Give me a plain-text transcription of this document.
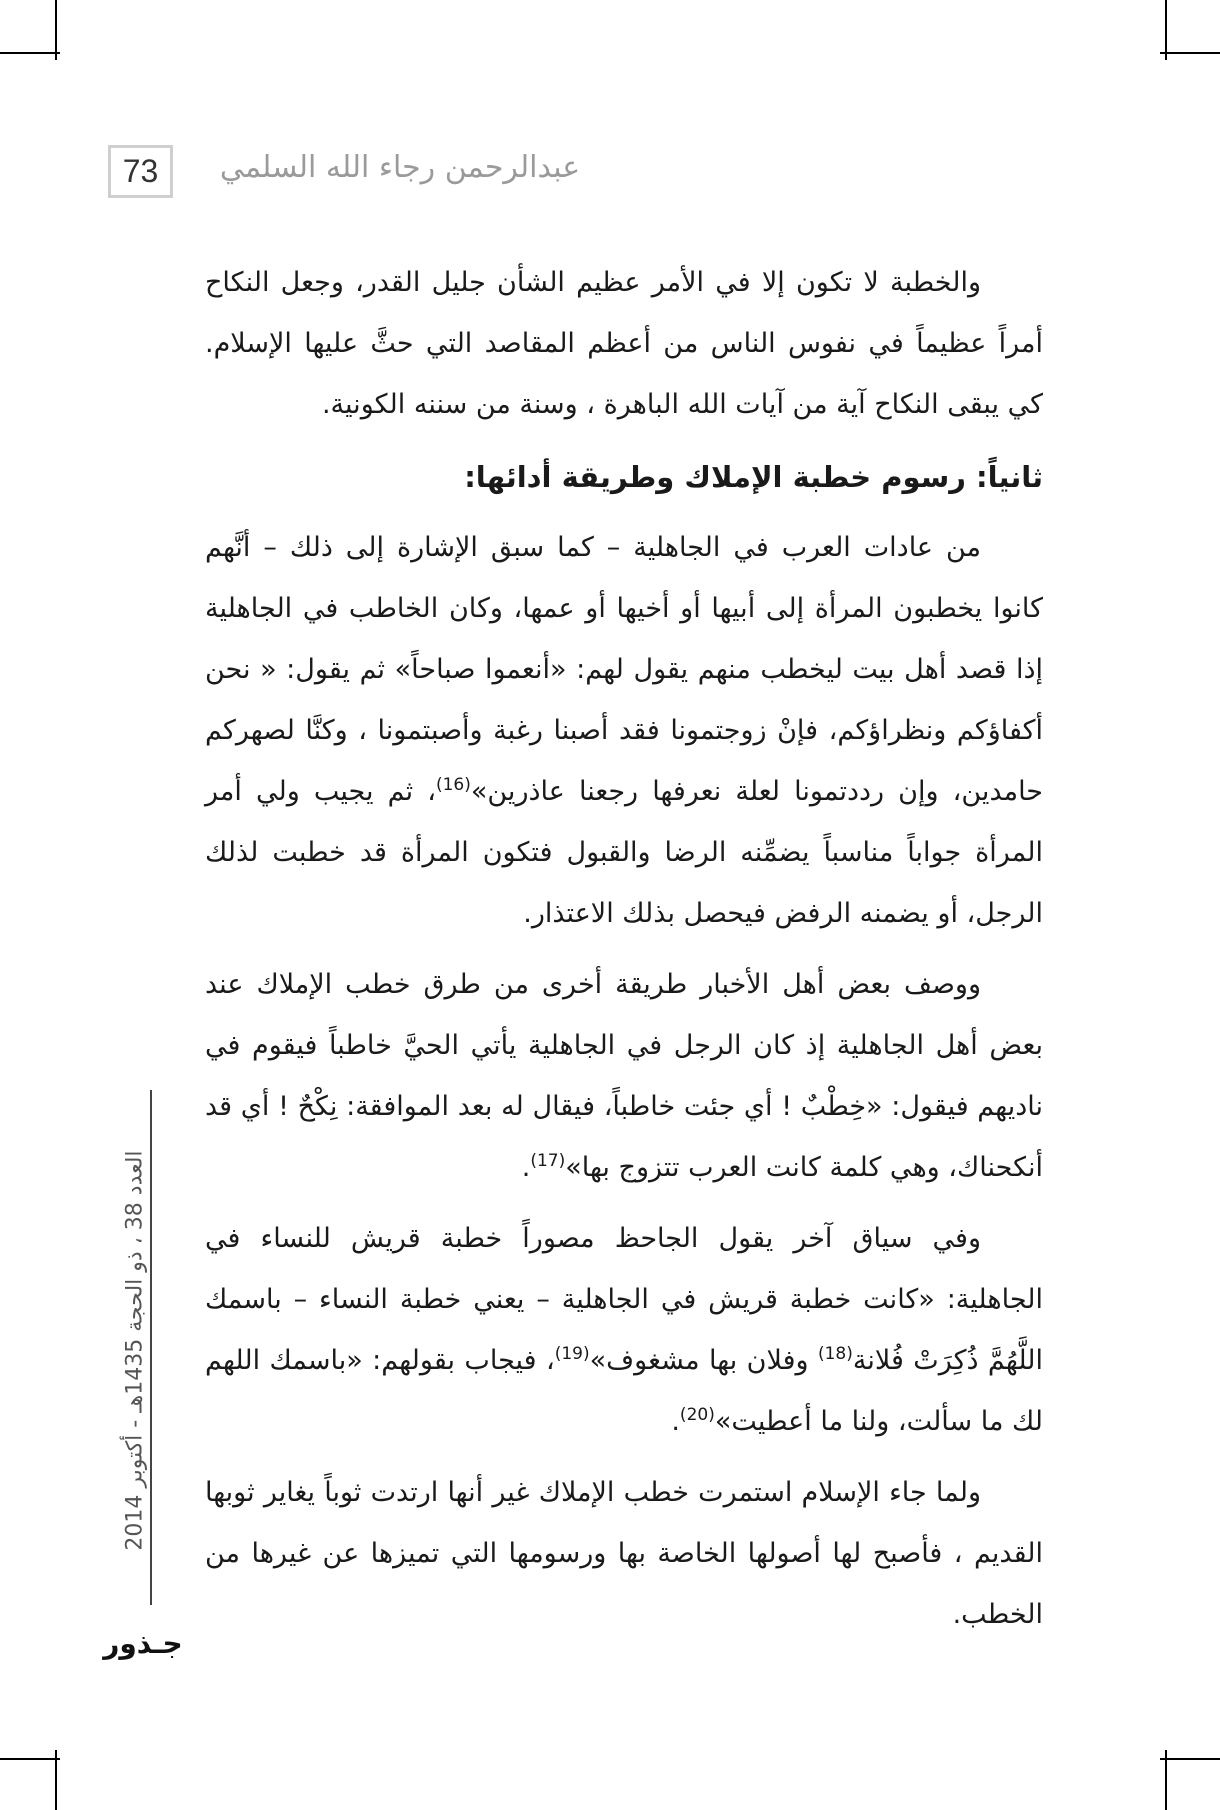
73	عبدالرحمن رجاء الله السلمي

والخطبة لا تكون إلا في الأمر عظيم الشأن جليل القدر، وجعل النكاح أمراً عظيماً في نفوس الناس من أعظم المقاصد التي حثَّ عليها الإسلام. كي يبقى النكاح آية من آيات الله الباهرة ، وسنة من سننه الكونية.

ثانياً: رسوم خطبة الإملاك وطريقة أدائها:

من عادات العرب في الجاهلية – كما سبق الإشارة إلى ذلك – أنَّهم كانوا يخطبون المرأة إلى أبيها أو أخيها أو عمها، وكان الخاطب في الجاهلية إذا قصد أهل بيت ليخطب منهم يقول لهم: «أنعموا صباحاً» ثم يقول: « نحن أكفاؤكم ونظراؤكم، فإنْ زوجتمونا فقد أصبنا رغبة وأصبتمونا ، وكنَّا لصهركم حامدين، وإن رددتمونا لعلة نعرفها رجعنا عاذرين»$^{(16)}$، ثم يجيب ولي أمر المرأة جواباً مناسباً يضمِّنه الرضا والقبول فتكون المرأة قد خطبت لذلك الرجل، أو يضمنه الرفض فيحصل بذلك الاعتذار.

ووصف بعض أهل الأخبار طريقة أخرى من طرق خطب الإملاك عند بعض أهل الجاهلية إذ كان الرجل في الجاهلية يأتي الحيَّ خاطباً فيقوم في ناديهم فيقول: «خِطْبٌ ! أي جئت خاطباً، فيقال له بعد الموافقة: نِكْحٌ ! أي قد أنكحناك، وهي كلمة كانت العرب تتزوج بها»$^{(17)}$.

وفي سياق آخر يقول الجاحظ مصوراً خطبة قريش للنساء في الجاهلية: «كانت خطبة قريش في الجاهلية – يعني خطبة النساء – باسمك اللَّهُمَّ ذُكِرَتْ فُلانة$^{(18)}$ وفلان بها مشغوف»$^{(19)}$، فيجاب بقولهم: «باسمك اللهم لك ما سألت، ولنا ما أعطيت»$^{(20)}$.

ولما جاء الإسلام استمرت خطب الإملاك غير أنها ارتدت ثوباً يغاير ثوبها القديم ، فأصبح لها أصولها الخاصة بها ورسومها التي تميزها عن غيرها من الخطب.

العدد 38 ، ذو الحجة 1435هـ - أكتوبر 2014
جـذور
